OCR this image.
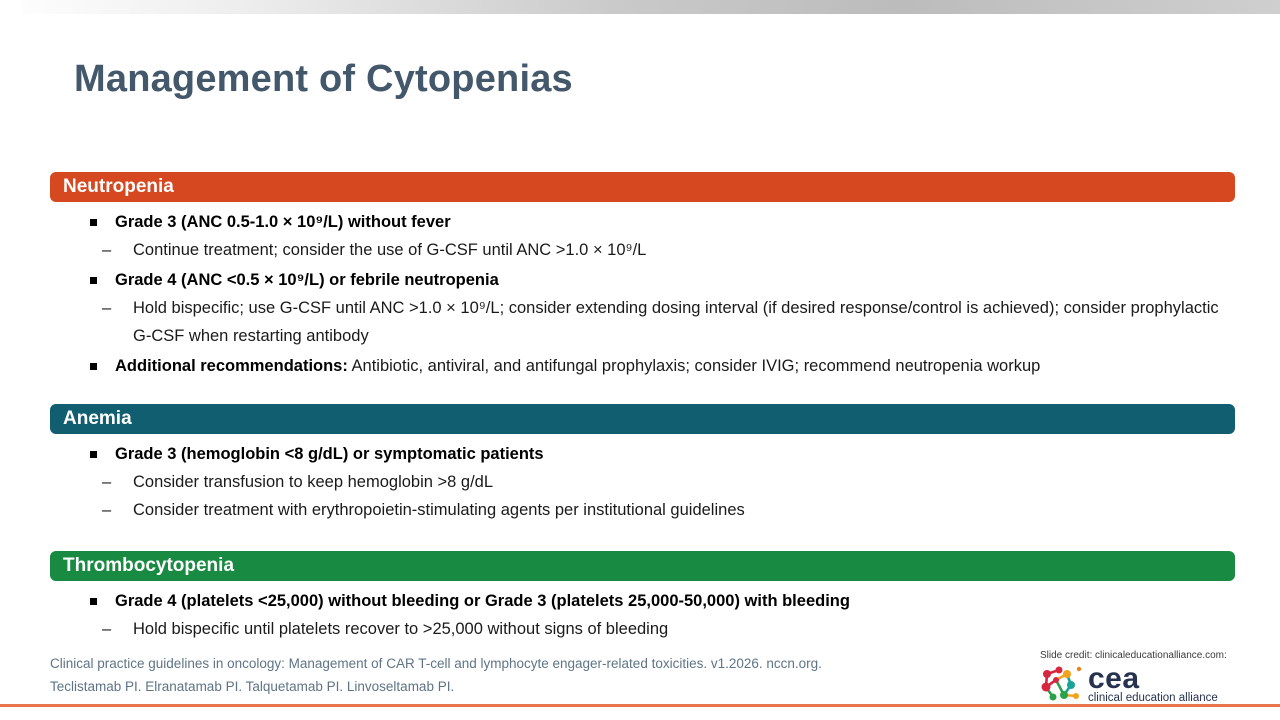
Management of Cytopenias
Neutropenia
Grade 3 (ANC 0.5-1.0 × 10⁹/L) without fever
– Continue treatment; consider the use of G-CSF until ANC >1.0 × 10⁹/L
Grade 4 (ANC <0.5 × 10⁹/L) or febrile neutropenia
– Hold bispecific; use G-CSF until ANC >1.0 × 10⁹/L; consider extending dosing interval (if desired response/control is achieved); consider prophylactic G-CSF when restarting antibody
Additional recommendations: Antibiotic, antiviral, and antifungal prophylaxis; consider IVIG; recommend neutropenia workup
Anemia
Grade 3 (hemoglobin <8 g/dL) or symptomatic patients
– Consider transfusion to keep hemoglobin >8 g/dL
– Consider treatment with erythropoietin-stimulating agents per institutional guidelines
Thrombocytopenia
Grade 4 (platelets <25,000) without bleeding or Grade 3 (platelets 25,000-50,000) with bleeding
– Hold bispecific until platelets recover to >25,000 without signs of bleeding
Clinical practice guidelines in oncology: Management of CAR T-cell and lymphocyte engager-related toxicities. v1.2026. nccn.org.
Teclistamab PI. Elranatamab PI. Talquetamab PI. Linvoseltamab PI.
Slide credit: clinicaleducationalliance.com:
cea
clinical education alliance
